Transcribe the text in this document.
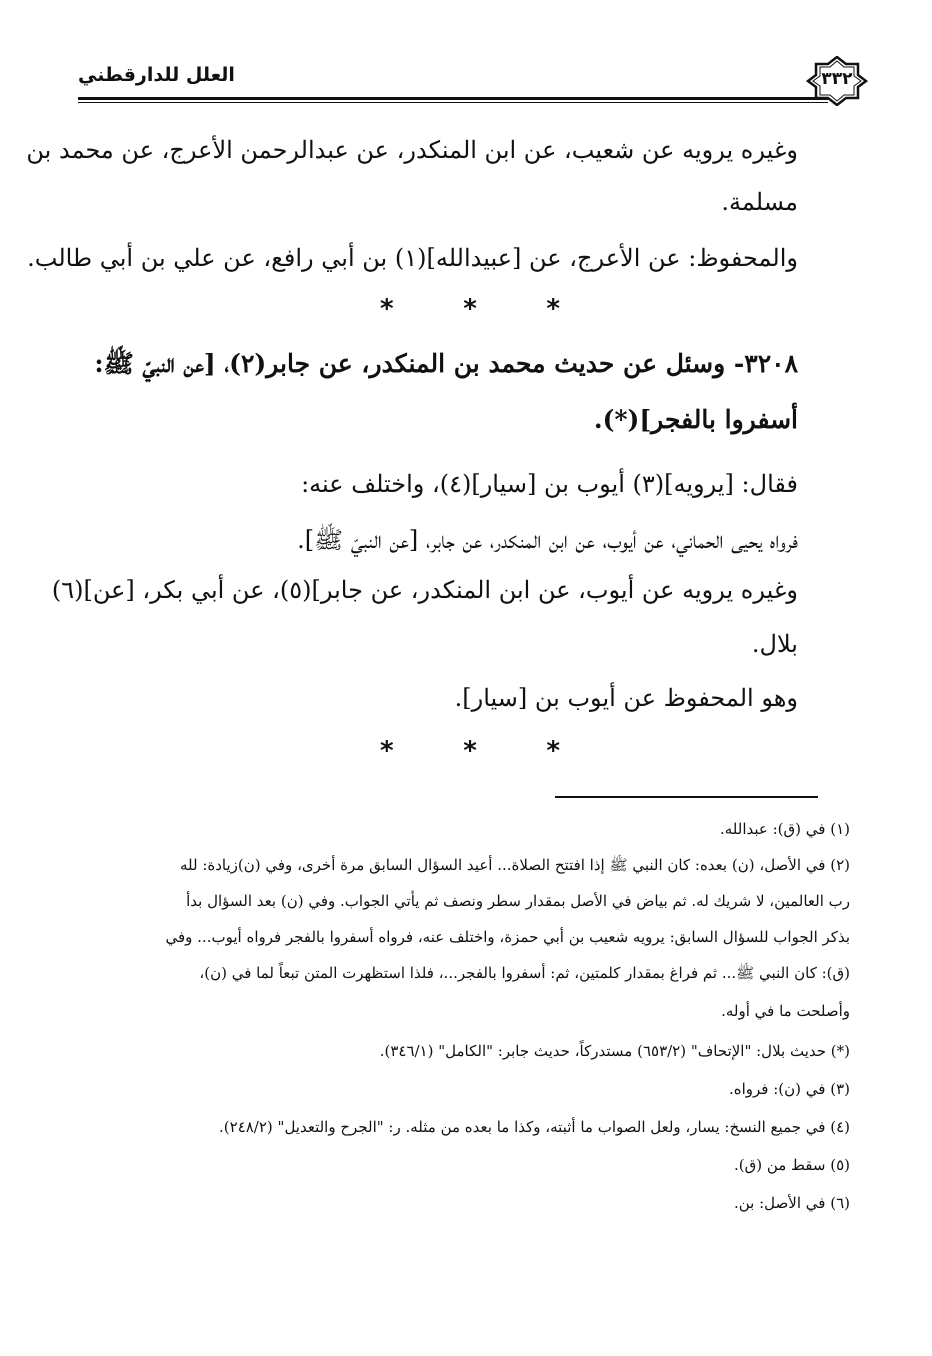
العلل للدارقطني	٣٣٢
وغيره يرويه عن شعيب، عن ابن المنكدر، عن عبدالرحمن الأعرج، عن محمد بن
مسلمة.
والمحفوظ: عن الأعرج، عن [عبيدالله](١) بن أبي رافع، عن علي بن أبي طالب.
*	*	*
٣٢٠٨- وسئل عن حديث محمد بن المنكدر، عن جابر(٢)، [عن النبيّ ﷺ:
أسفروا بالفجر](*).
فقال: [يرويه](٣) أيوب بن [سيار](٤)، واختلف عنه:
فرواه يحيى الحماني، عن أيوب، عن ابن المنكدر، عن جابر، [عن النبيّ ﷺ].
وغيره يرويه عن أيوب، عن ابن المنكدر، عن جابر](٥)، عن أبي بكر، [عن](٦)
بلال.
وهو المحفوظ عن أيوب بن [سيار].
*	*	*
(١) في (ق): عبدالله.
(٢) في الأصل، (ن) بعده: كان النبي ﷺ إذا افتتح الصلاة... أعيد السؤال السابق مرة أخرى، وفي (ن)زيادة: لله
رب العالمين، لا شريك له. ثم بياض في الأصل بمقدار سطر ونصف ثم يأتي الجواب. وفي (ن) بعد السؤال بدأ
بذكر الجواب للسؤال السابق: يرويه شعيب بن أبي حمزة، واختلف عنه، فرواه أسفروا بالفجر فرواه أيوب... وفي
(ق): كان النبي ﷺ... ثم فراغ بمقدار كلمتين، ثم: أسفروا بالفجر...، فلذا استظهرت المتن تبعاً لما في (ن)،
وأصلحت ما في أوله.
(*) حديث بلال: "الإتحاف" (٦٥٣/٢) مستدركاً، حديث جابر: "الكامل" (٣٤٦/١).
(٣) في (ن): فرواه.
(٤) في جميع النسخ: يسار، ولعل الصواب ما أثبته، وكذا ما بعده من مثله. ر: "الجرح والتعديل" (٢٤٨/٢).
(٥) سقط من (ق).
(٦) في الأصل: بن.
